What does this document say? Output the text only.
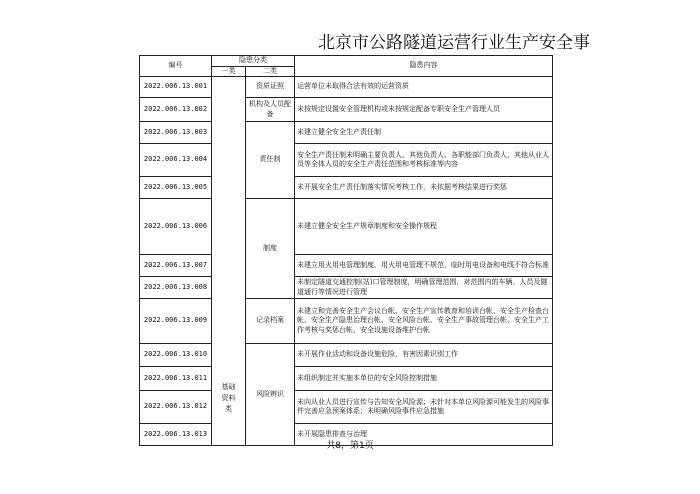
北京市公路隧道运营行业生产安全事
编号	隐患分类		隐患内容
	一类	二类	
2022.006.13.001	基础资料类	资质证照	运营单位未取得合法有效的运营资质
2022.006.13.002		机构及人员配备	未按规定设置安全管理机构或未按规定配备专职安全生产管理人员
2022.006.13.003		责任制	未建立健全安全生产责任制
2022.006.13.004			安全生产责任制未明确主要负责人、其他负责人、各职能部门负责人、其他从业人员等全体人员的安全生产责任范围和考核标准等内容
2022.006.13.005			未开展安全生产责任制落实情况考核工作，未依据考核结果进行奖惩
2022.006.13.006		制度	未建立健全安全生产规章制度和安全操作规程
2022.006.13.007			未建立用火用电管理制度，用火用电管理不规范，临时用电设备和电线不符合标准
2022.006.13.008			未制定隧道交通控制(站)口管理制度，明确管理范围，对范围内的车辆、人员及隧道通行等情况进行管理
2022.006.13.009		记录档案	未建立和完善安全生产会议台帐、安全生产宣传教育和培训台帐、安全生产检查台帐、安全生产隐患治理台帐、安全风险台帐、安全生产事故管理台帐、安全生产工作考核与奖惩台帐、安全设施设备维护台帐
2022.006.13.010		风险辨识	未开展作业活动和设备设施危险、有害因素识别工作
2022.006.13.011			未组织制定并实施本单位的安全风险控制措施
2022.006.13.012			未向从业人员进行宣传与告知安全风险源；未针对本单位风险源可能发生的风险事件完善应急预案体系；未明确风险事件应急措施
2022.006.13.013			未开展隐患排查与治理
共8，第1页
